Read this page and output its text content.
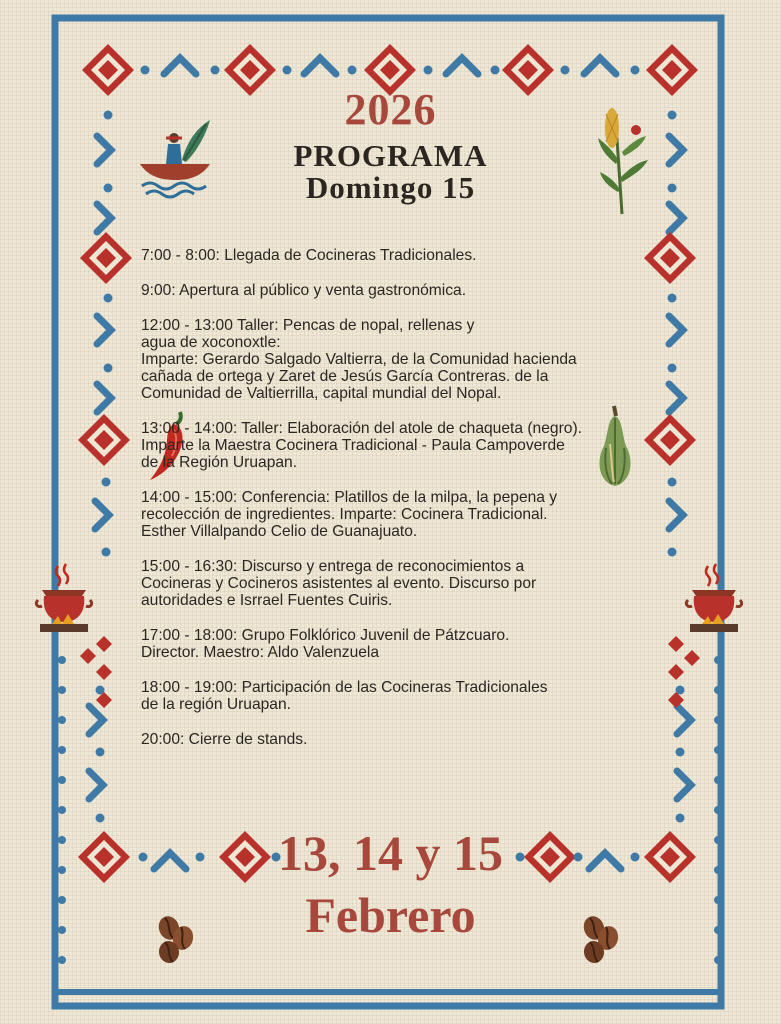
2026
PROGRAMA
Domingo 15
7:00 - 8:00: Llegada de Cocineras Tradicionales.
9:00: Apertura al público y venta gastronómica.
12:00 - 13:00 Taller: Pencas de nopal, rellenas y
agua de xoconoxtle:
Imparte: Gerardo Salgado Valtierra, de la Comunidad hacienda
cañada de ortega y Zaret de Jesús García Contreras. de la
Comunidad de Valtierrilla, capital mundial del Nopal.
13:00 - 14:00: Taller: Elaboración del atole de chaqueta (negro).
Imparte la Maestra Cocinera Tradicional - Paula Campoverde
de la Región Uruapan.
14:00 - 15:00: Conferencia: Platillos de la milpa, la pepena y
recolección de ingredientes. Imparte: Cocinera Tradicional.
Esther Villalpando Celio de Guanajuato.
15:00 - 16:30: Discurso y entrega de reconocimientos a
Cocineras y Cocineros asistentes al evento. Discurso por
autoridades e Isrrael Fuentes Cuiris.
17:00 - 18:00: Grupo Folklórico Juvenil de Pátzcuaro.
Director. Maestro: Aldo Valenzuela
18:00 - 19:00: Participación de las Cocineras Tradicionales
de la región Uruapan.
20:00: Cierre de stands.
13, 14 y 15
Febrero
